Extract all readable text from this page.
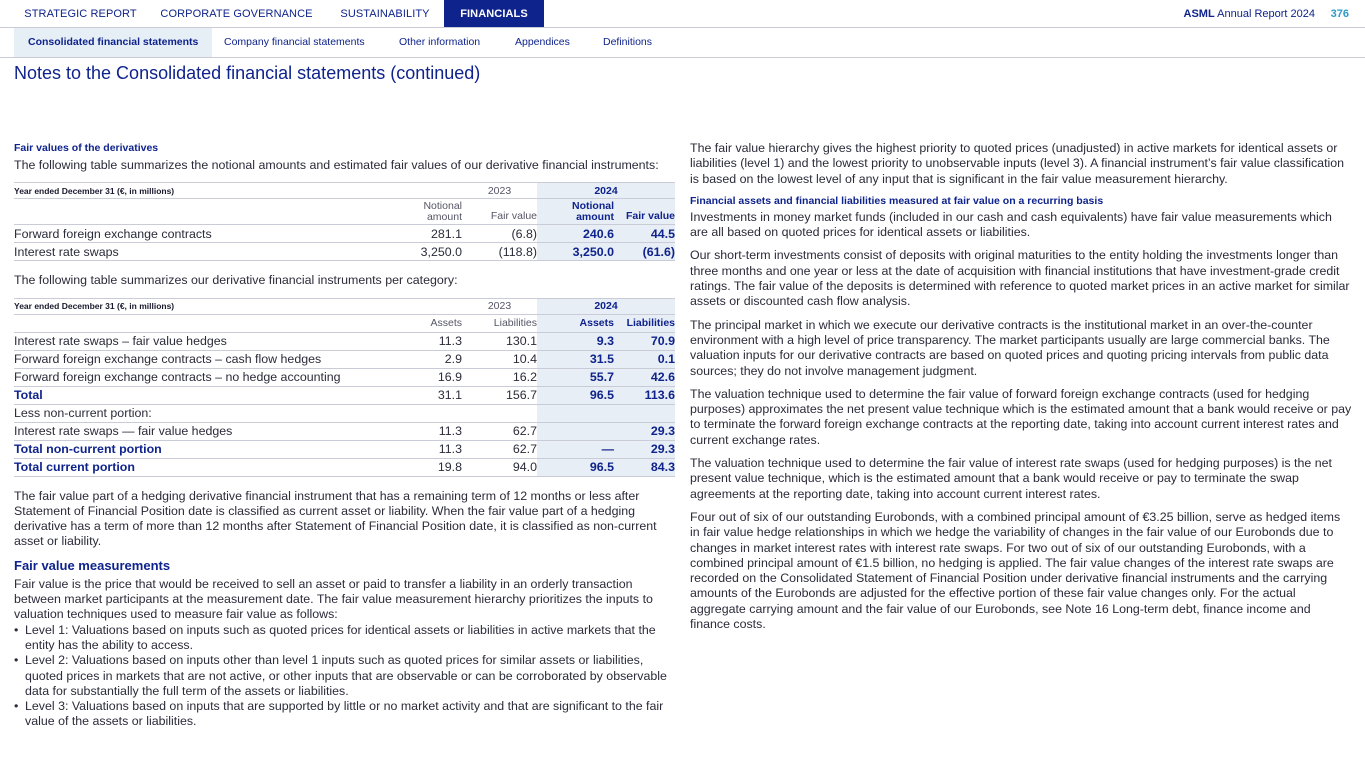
STRATEGIC REPORT	CORPORATE GOVERNANCE	SUSTAINABILITY	FINANCIALS	ASML Annual Report 2024 376
Consolidated financial statements	Company financial statements	Other information	Appendices	Definitions
Notes to the Consolidated financial statements (continued)
Fair values of the derivatives
The following table summarizes the notional amounts and estimated fair values of our derivative financial instruments:
Year ended December 31 (€, in millions)	2023		2024	
	Notional amount	Fair value	Notional amount	Fair value
Forward foreign exchange contracts	281.1	(6.8)	240.6	44.5
Interest rate swaps	3,250.0	(118.8)	3,250.0	(61.6)
The following table summarizes our derivative financial instruments per category:
Year ended December 31 (€, in millions)	2023		2024	
	Assets	Liabilities	Assets	Liabilities
Interest rate swaps – fair value hedges	11.3	130.1	9.3	70.9
Forward foreign exchange contracts – cash flow hedges	2.9	10.4	31.5	0.1
Forward foreign exchange contracts – no hedge accounting	16.9	16.2	55.7	42.6
Total	31.1	156.7	96.5	113.6
Less non-current portion:				
Interest rate swaps — fair value hedges	11.3	62.7		29.3
Total non-current portion	11.3	62.7	—	29.3
Total current portion	19.8	94.0	96.5	84.3
The fair value part of a hedging derivative financial instrument that has a remaining term of 12 months or less after Statement of Financial Position date is classified as current asset or liability. When the fair value part of a hedging derivative has a term of more than 12 months after Statement of Financial Position date, it is classified as non-current asset or liability.
Fair value measurements
Fair value is the price that would be received to sell an asset or paid to transfer a liability in an orderly transaction between market participants at the measurement date. The fair value measurement hierarchy prioritizes the inputs to valuation techniques used to measure fair value as follows:
• Level 1: Valuations based on inputs such as quoted prices for identical assets or liabilities in active markets that the entity has the ability to access.
• Level 2: Valuations based on inputs other than level 1 inputs such as quoted prices for similar assets or liabilities, quoted prices in markets that are not active, or other inputs that are observable or can be corroborated by observable data for substantially the full term of the assets or liabilities.
• Level 3: Valuations based on inputs that are supported by little or no market activity and that are significant to the fair value of the assets or liabilities.
The fair value hierarchy gives the highest priority to quoted prices (unadjusted) in active markets for identical assets or liabilities (level 1) and the lowest priority to unobservable inputs (level 3). A financial instrument’s fair value classification is based on the lowest level of any input that is significant in the fair value measurement hierarchy.
Financial assets and financial liabilities measured at fair value on a recurring basis
Investments in money market funds (included in our cash and cash equivalents) have fair value measurements which are all based on quoted prices for identical assets or liabilities.
Our short-term investments consist of deposits with original maturities to the entity holding the investments longer than three months and one year or less at the date of acquisition with financial institutions that have investment-grade credit ratings. The fair value of the deposits is determined with reference to quoted market prices in an active market for similar assets or discounted cash flow analysis.
The principal market in which we execute our derivative contracts is the institutional market in an over-the-counter environment with a high level of price transparency. The market participants usually are large commercial banks. The valuation inputs for our derivative contracts are based on quoted prices and quoting pricing intervals from public data sources; they do not involve management judgment.
The valuation technique used to determine the fair value of forward foreign exchange contracts (used for hedging purposes) approximates the net present value technique which is the estimated amount that a bank would receive or pay to terminate the forward foreign exchange contracts at the reporting date, taking into account current interest rates and current exchange rates.
The valuation technique used to determine the fair value of interest rate swaps (used for hedging purposes) is the net present value technique, which is the estimated amount that a bank would receive or pay to terminate the swap agreements at the reporting date, taking into account current interest rates.
Four out of six of our outstanding Eurobonds, with a combined principal amount of €3.25 billion, serve as hedged items in fair value hedge relationships in which we hedge the variability of changes in the fair value of our Eurobonds due to changes in market interest rates with interest rate swaps. For two out of six of our outstanding Eurobonds, with a combined principal amount of €1.5 billion, no hedging is applied. The fair value changes of the interest rate swaps are recorded on the Consolidated Statement of Financial Position under derivative financial instruments and the carrying amounts of the Eurobonds are adjusted for the effective portion of these fair value changes only. For the actual aggregate carrying amount and the fair value of our Eurobonds, see Note 16 Long-term debt, finance income and finance costs.
